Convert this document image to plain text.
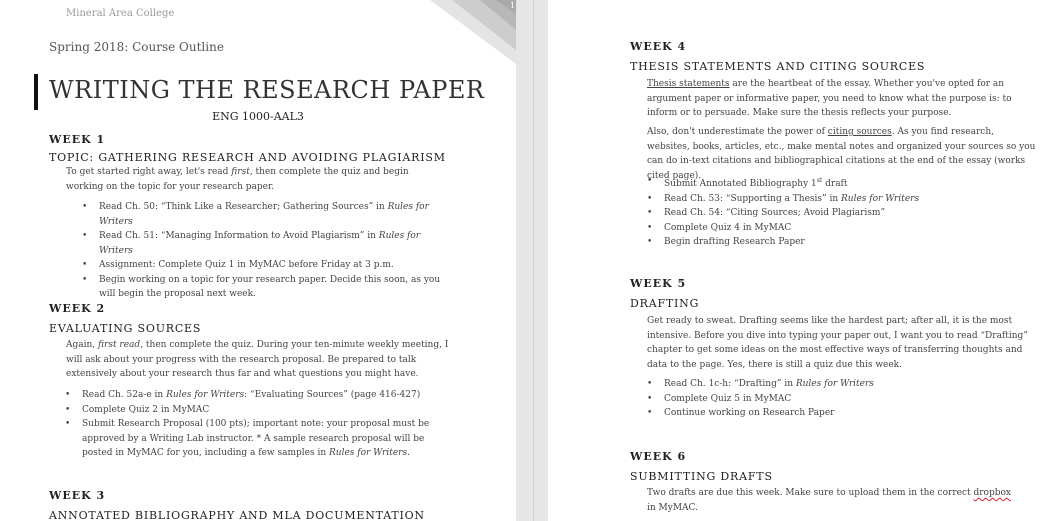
1
Mineral Area College
Spring 2018: Course Outline
WRITING THE RESEARCH PAPER
ENG 1000-AAL3
WEEK 1
TOPIC: GATHERING RESEARCH AND AVOIDING PLAGIARISM

To get started right away, let's read first, then complete the quiz and begin working on the topic for your research paper.

• Read Ch. 50: “Think Like a Researcher; Gathering Sources” in Rules for Writers
• Read Ch. 51: “Managing Information to Avoid Plagiarism” in Rules for Writers
• Assignment: Complete Quiz 1 in MyMAC before Friday at 3 p.m.
• Begin working on a topic for your research paper. Decide this soon, as you will begin the proposal next week.
WEEK 2
EVALUATING SOURCES

Again, first read, then complete the quiz. During your ten-minute weekly meeting, I will ask about your progress with the research proposal. Be prepared to talk extensively about your research thus far and what questions you might have.

• Read Ch. 52a-e in Rules for Writers: “Evaluating Sources” (page 416-427)
• Complete Quiz 2 in MyMAC
• Submit Research Proposal (100 pts); important note: your proposal must be approved by a Writing Lab instructor. * A sample research proposal will be posted in MyMAC for you, including a few samples in Rules for Writers.
WEEK 3
ANNOTATED BIBLIOGRAPHY AND MLA DOCUMENTATION
WEEK 4
THESIS STATEMENTS AND CITING SOURCES

Thesis statements are the heartbeat of the essay. Whether you've opted for an argument paper or informative paper, you need to know what the purpose is: to inform or to persuade. Make sure the thesis reflects your purpose.

Also, don't underestimate the power of citing sources. As you find research, websites, books, articles, etc., make mental notes and organized your sources so you can do in-text citations and bibliographical citations at the end of the essay (works cited page).

• Submit Annotated Bibliography 1st draft
• Read Ch. 53: “Supporting a Thesis” in Rules for Writers
• Read Ch. 54: “Citing Sources; Avoid Plagiarism”
• Complete Quiz 4 in MyMAC
• Begin drafting Research Paper
WEEK 5
DRAFTING

Get ready to sweat. Drafting seems like the hardest part; after all, it is the most intensive. Before you dive into typing your paper out, I want you to read “Drafting” chapter to get some ideas on the most effective ways of transferring thoughts and data to the page. Yes, there is still a quiz due this week.

• Read Ch. 1c-h: “Drafting” in Rules for Writers
• Complete Quiz 5 in MyMAC
• Continue working on Research Paper
WEEK 6
SUBMITTING DRAFTS

Two drafts are due this week. Make sure to upload them in the correct dropbox in MyMAC.
